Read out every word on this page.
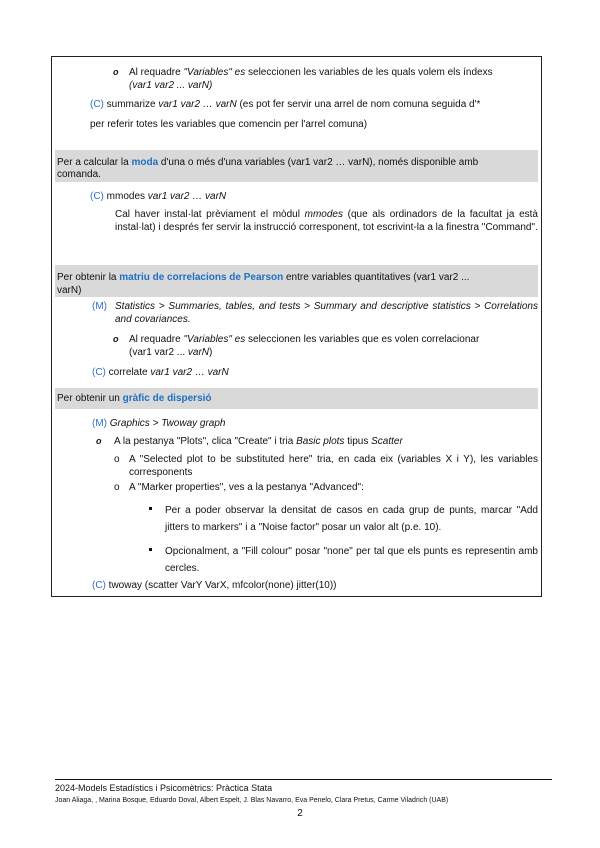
o Al requadre "Variables" es seleccionen les variables de les quals volem els índexs
(var1 var2 ... varN)
(C) summarize var1 var2 … varN (es pot fer servir una arrel de nom comuna seguida d'*
per referir totes les variables que comencin per l'arrel comuna)
Per a calcular la moda d'una o més d'una variables (var1 var2 … varN), només disponible amb
comanda.
(C) mmodes var1 var2 … varN
Cal haver instal·lat prèviament el mòdul mmodes (que als ordinadors de la facultat ja està instal·lat) i després fer servir la instrucció corresponent, tot escrivint-la a la finestra "Command".
Per obtenir la matriu de correlacions de Pearson entre variables quantitatives (var1 var2 ...
varN)
(M) Statistics > Summaries, tables, and tests > Summary and descriptive statistics > Correlations and covariances.
o Al requadre "Variables" es seleccionen les variables que es volen correlacionar
(var1 var2 ... varN)
(C) correlate var1 var2 … varN
Per obtenir un gràfic de dispersió
(M) Graphics > Twoway graph
o A la pestanya "Plots", clica "Create" i tria Basic plots tipus Scatter
o A "Selected plot to be substituted here" tria, en cada eix (variables X i Y), les variables corresponents
o A "Marker properties", ves a la pestanya "Advanced":
Per a poder observar la densitat de casos en cada grup de punts, marcar "Add jitters to markers" i a "Noise factor" posar un valor alt (p.e. 10).
Opcionalment, a "Fill colour" posar "none" per tal que els punts es representin amb cercles.
(C) twoway (scatter VarY VarX, mfcolor(none) jitter(10))
2024-Models Estadístics i Psicomètrics: Pràctica Stata
Joan Aliaga, , Marina Bosque, Eduardo Doval, Albert Espelt, J. Blas Navarro, Eva Penelo, Clara Pretus, Carme Viladrich (UAB)
2
